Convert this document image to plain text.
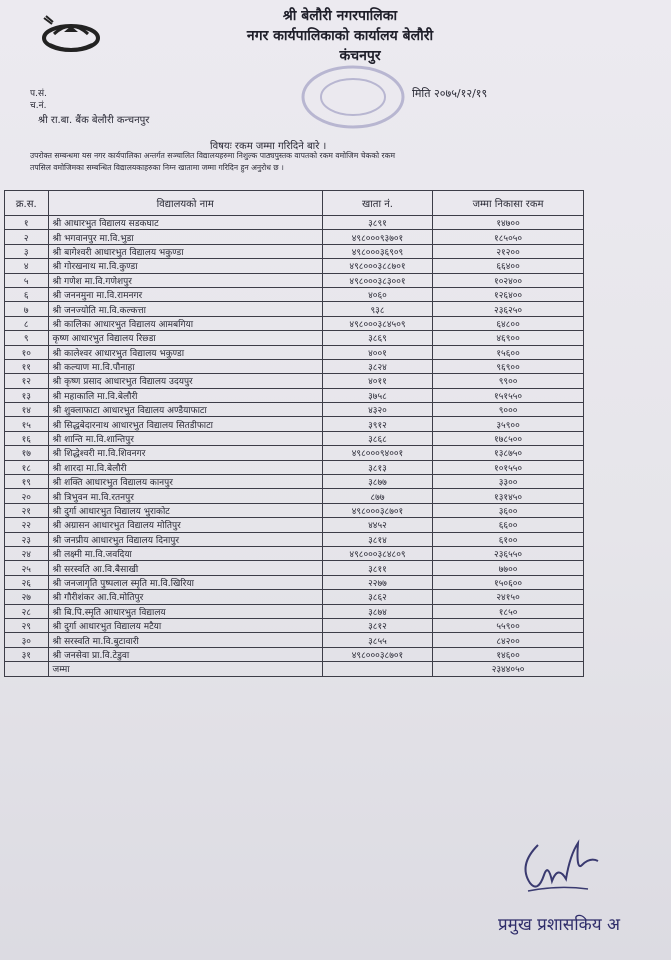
श्री बेलौरी नगरपालिका
नगर कार्यपालिकाको कार्यालय बेलौरी
कंचनपुर
प.सं.
च.नं.
श्री रा.बा. बैंक बेलौरी कन्चनपुर
मिति २०७५/१२/१९
विषयः रकम जम्मा गरिदिने बारे ।
उपरोक्त सम्बन्धमा यस नगर कार्यपालिका अन्तर्गत सञ्चालित विद्यालयहरुमा निशुल्क पाठ्यपुस्तक वापतको रकम वमोजिम चेकको रकम
तपसिल वमोजिमका सम्बन्धित विद्यालयकाहरुका निम्न खातामा जम्मा गरिदिन हुन अनुरोध छ ।
क्र.स.	विद्यालयको नाम	खाता नं.	जम्मा निकासा रकम
१	श्री आधारभुत विद्यालय सडकघाट	३८९१	१४७००
२	श्री भगवानपुर मा.वि.भुडा	४९८०००९३७०१	१८५०५०
३	श्री बागेश्वरी आधारभुत विद्यालय भकुण्डा	४९८०००३६९०९	२१२००
४	श्री गोरखनाथ मा.वि.कुण्डा	४९८०००३८८७०१	६६४००
५	श्री गणेश मा.वि.गणेशपुर	४९८०००३८३००१	१०२४००
६	श्री जननमुना मा.वि.रामनगर	४०६०	१२६४००
७	श्री जनज्योति मा.वि.कल्कत्ता	९३८	२३६२५०
८	श्री कालिका आधारभुत विद्यालय आमबगिया	४९८०००३८४५०९	६४८००
९	कृष्ण आधारभुत विद्यालय रिछ्डा	३८६९	४६९००
१०	श्री कालेश्वर आधारभुत विद्यालय भकुण्डा	४००१	१५६००
११	श्री कल्याण मा.वि.पौनाहा	३८२४	९६९००
१२	श्री कृष्ण प्रसाद आधारभुत विद्यालय उदयपुर	४०११	९९००
१३	श्री महाकालि मा.वि.बेलौरी	३७५८	१५१५५०
१४	श्री शुक्लाफाटा आधारभुत विद्यालय अण्डैयाफाटा	४३२०	९०००
१५	श्री सिद्धबेदारनाथ आधारभुत विद्यालय सितडीफाटा	३९१२	३५९००
१६	श्री शान्ति मा.वि.शान्तिपुर	३८६८	१७८५००
१७	श्री शिद्धेश्वरी मा.वि.शिवनगर	४९८०००९४००१	१३८७५०
१८	श्री शारदा मा.वि.बेलौरी	३८१३	१०१५५०
१९	श्री शक्ति आधारभुत विद्यालय कानपुर	३८७७	३३००
२०	श्री त्रिभुवन मा.वि.रतनपुर	८७७	१३१४५०
२१	श्री दुर्गा आधारभुत विद्यालय भुराकोट	४९८०००३८७०१	३६००
२२	श्री अग्रासन आधारभुत विद्यालय मोतिपुर	४४५२	६६००
२३	श्री जनप्रीय आधारभुत विद्यालय दिनापुर	३८१४	६१००
२४	श्री लक्ष्मी मा.वि.जवदिया	४९८०००३८४८०९	२३६५५०
२५	श्री सरस्वति आ.वि.बैसाखी	३८११	७७००
२६	श्री जनजागृति पुष्पलाल स्मृति मा.वि.खिरिया	२२७७	१५०६००
२७	श्री गौरीशंकर आ.वि.मोतिपुर	३८६२	२४१५०
२८	श्री बि.पि.स्मृति आधारभुत विद्यालय	३८७४	१८५०
२९	श्री दुर्गा आधारभुत विद्यालय मटैया	३८१२	५५९००
३०	श्री सरस्वति मा.वि.बुटावारी	३८५५	८४२००
३१	श्री जनसेवा प्रा.वि.टेडुवा	४९८०००३८७०१	१४६००
	जम्मा		२३४४०५०
प्रमुख प्रशासकिय अ
